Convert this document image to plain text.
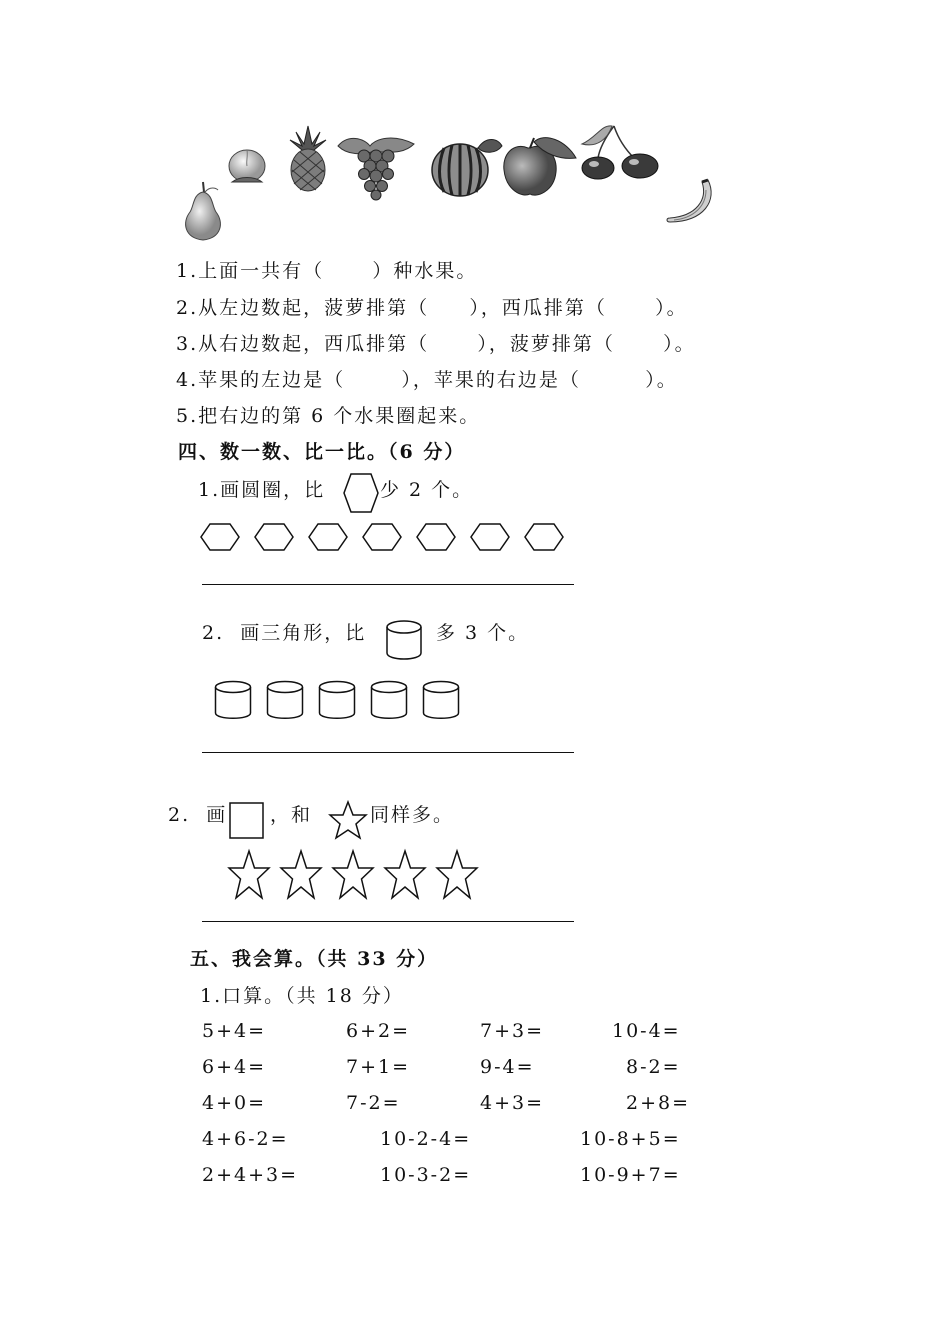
1.上面一共有（      ）种水果。
2.从左边数起，菠萝排第（     ），西瓜排第（      ）。
3.从右边数起，西瓜排第（      ），菠萝排第（      ）。
4.苹果的左边是（       ），苹果的右边是（        ）。
5.把右边的第 6 个水果圈起来。
四、数一数、比一比。（6 分）
1.画圆圈，比	少 2 个。
2.  画三角形，比	多 3 个。
2.  画 ，和	同样多。
五、我会算。（共 33 分）
1.口算。（共 18 分）
5+4=	6+2=	7+3=	10-4=
6+4=	7+1=	9-4=	8-2=
4+0=	7-2=	4+3=	2+8=
4+6-2=	10-2-4=	10-8+5=
2+4+3=	10-3-2=	10-9+7=
